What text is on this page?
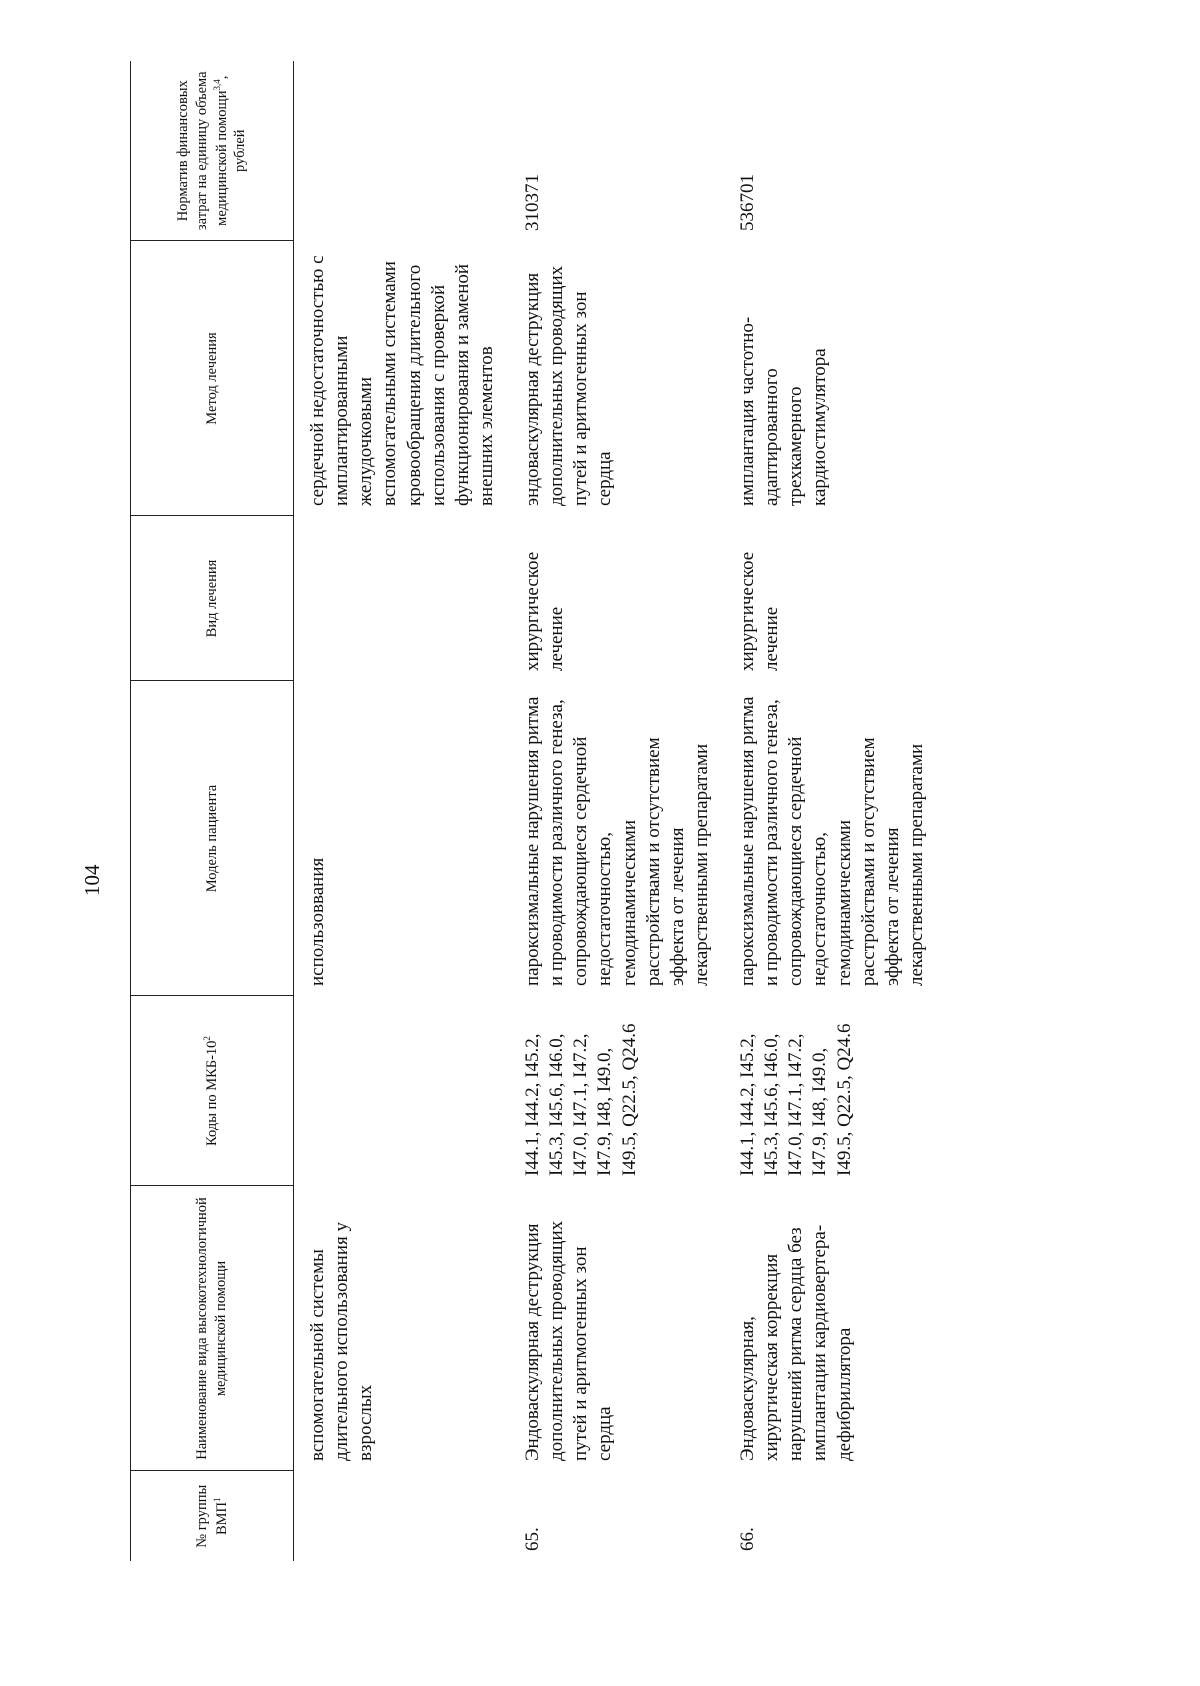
104
№ группы ВМП$^1$	Наименование вида высокотехнологичной медицинской помощи	Коды по МКБ-$10^2$	Модель пациента	Вид лечения	Метод лечения	Норматив финансовых затрат на единицу объема медицинской помощи$^{3,4}$, рублей
	вспомогательной системы длительного использования у взрослых		использоввания		сердечной недостаточностью с имплантированными желудочковыми вспомогательными системами кровообращения длительного использования с проверкой функционирования и заменой внешних элементов	
65.	Эндоваскулярная деструкция дополнительных проводящих путей и аритмогенных зон сердца	I44.1, I44.2, I45.2, I45.3, I45.6, I46.0, I47.0, I47.1, I47.2, I47.9, I48, I49.0, I49.5, Q22.5, Q24.6	пароксизмальные нарушения ритма и проводимости различного генеза, сопровождающиеся сердечной недостаточностью, гемодинамическими расстройствами и отсутствием эффекта от лечения лекарственными препаратами	хирургическое лечение	эндоваскулярная деструкция дополнительных проводящих путей и аритмогенных зон сердца	310371
66.	Эндоваскулярная, хирургическая коррекция нарушений ритма сердца без имплантации кардиовертера-дефибриллятора	I44.1, I44.2, I45.2, I45.3, I45.6, I46.0, I47.0, I47.1, I47.2, I47.9, I48, I49.0, I49.5, Q22.5, Q24.6	пароксизмальные нарушения ритма и проводимости различного генеза, сопровождающиеся сердечной недостаточностью, гемодинамическими расстройствами и отсутствием эффекта от лечения лекарственными препаратами	хирургическое лечение	имплантация частотно-адаптированного трехкамерного кардиостимулятора	536701
